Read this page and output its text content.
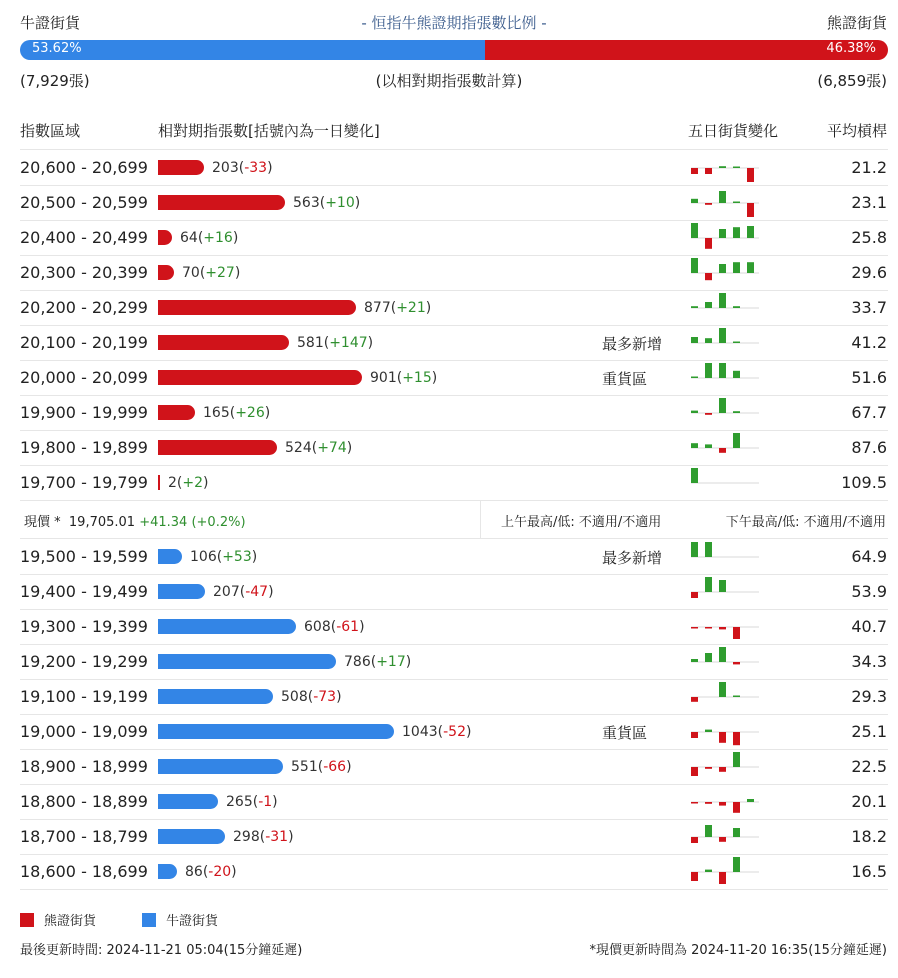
牛證街貨	- 恒指牛熊證期指張數比例 -	熊證街貨
53.62%	46.38%
(7,929張)	(以相對期指張數計算)	(6,859張)
指數區域	相對期指張數[括號內為一日變化]	五日街貨變化	平均槓桿
20,600 - 20,699	203(-33)	21.2
20,500 - 20,599	563(+10)	23.1
20,400 - 20,499 64(+16)	25.8
20,300 - 20,399 70(+27)	29.6
20,200 - 20,299	877(+21)	33.7
20,100 - 20,199	581(+147)	最多新增	41.2
20,000 - 20,099	901(+15)	重貨區	51.6
19,900 - 19,999	165(+26)	67.7
19,800 - 19,899	524(+74)	87.6
19,700 - 19,799 2(+2)	109.5
現價 * 19,705.01 +41.34 (+0.2%)	上午最高/低: 不適用/不適用	下午最高/低: 不適用/不適用
19,500 - 19,599	106(+53)	最多新增	64.9
19,400 - 19,499	207(-47)	53.9
19,300 - 19,399	608(-61)	40.7
19,200 - 19,299	786(+17)	34.3
19,100 - 19,199	508(-73)	29.3
19,000 - 19,099	1043(-52)	重貨區	25.1
18,900 - 18,999	551(-66)	22.5
18,800 - 18,899	265(-1)	20.1
18,700 - 18,799	298(-31)	18.2
18,600 - 18,699	86(-20)	16.5
熊證街貨	牛證街貨
最後更新時間: 2024-11-21 05:04(15分鐘延遲)	*現價更新時間為 2024-11-20 16:35(15分鐘延遲)
